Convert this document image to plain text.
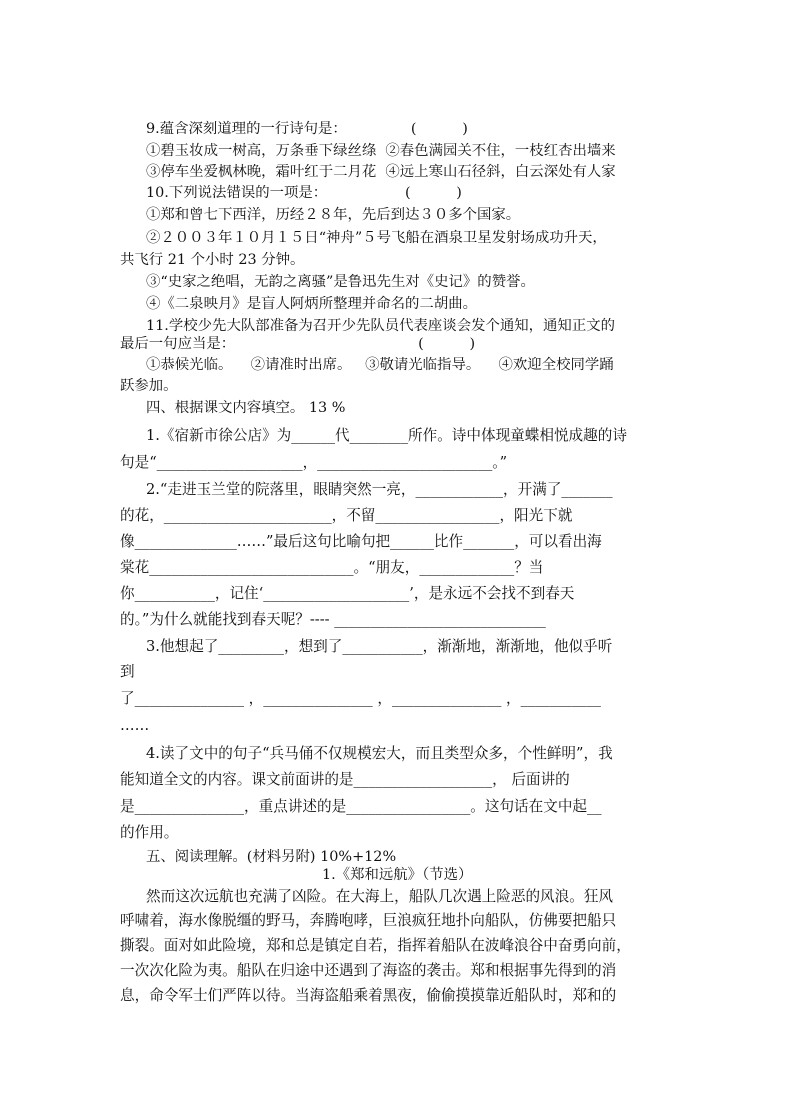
9.蕴含深刻道理的一行诗句是：              (          )
①碧玉妆成一树高，万条垂下绿丝绦  ②春色满园关不住，一枝红杏出墙来
③停车坐爱枫林晚，霜叶红于二月花  ④远上寒山石径斜，白云深处有人家
10.下列说法错误的一项是：                 (          )
①郑和曾七下西洋，历经２８年，先后到达３０多个国家。
②２００３年１０月１５日“神舟”５号飞船在酒泉卫星发射场成功升天，
共飞行 21 个小时 23 分钟。
③“史家之绝唱，无韵之离骚”是鲁迅先生对《史记》的赞誉。
④《二泉映月》是盲人阿炳所整理并命名的二胡曲。
11.学校少先大队部准备为召开少先队员代表座谈会发个通知，通知正文的
最后一句应当是：                                        (          )
①恭候光临。    ②请准时出席。   ③敬请光临指导。    ④欢迎全校同学踊
跃参加。
四、根据课文内容填空。 13 %
1.《宿新市徐公店》为______代________所作。诗中体现童蝶相悦成趣的诗
句是“____________________，________________________。”
2.“走进玉兰堂的院落里，眼睛突然一亮，____________，开满了_______
的花，_______________________，不留_________________，阳光下就
像______________……”最后这句比喻句把______比作_______，可以看出海
棠花____________________________。“朋友，_____________？当
你___________，记住‘____________________’，是永远不会找不到春天
的。”为什么就能找到春天呢？---- _____________________________
3.他想起了_________，想到了___________，渐渐地，渐渐地，他似乎听
到
了_______________ ，_______________ ，_______________ ，___________
……
4.读了文中的句子“兵马俑不仅规模宏大，而且类型众多，个性鲜明”，我
能知道全文的内容。课文前面讲的是___________________， 后面讲的
是_______________，重点讲述的是_________________。这句话在文中起__
的作用。
五、阅读理解。(材料另附) 10%+12%
1.《郑和远航》（节选）
然而这次远航也充满了凶险。在大海上，船队几次遇上险恶的风浪。狂风
呼啸着，海水像脱缰的野马，奔腾咆哮，巨浪疯狂地扑向船队，仿佛要把船只
撕裂。面对如此险境，郑和总是镇定自若，指挥着船队在波峰浪谷中奋勇向前，
一次次化险为夷。船队在归途中还遇到了海盗的袭击。郑和根据事先得到的消
息，命令军士们严阵以待。当海盗船乘着黑夜，偷偷摸摸靠近船队时，郑和的
